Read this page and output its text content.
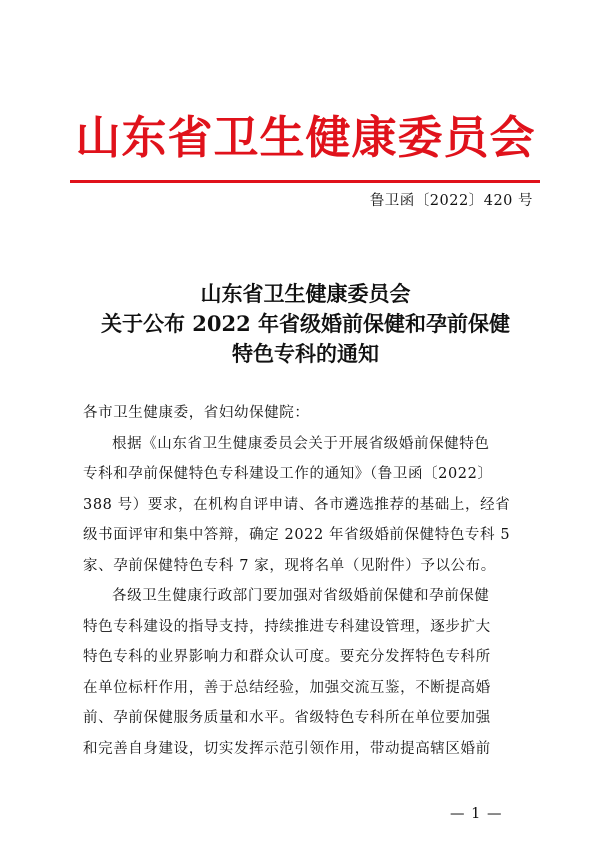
山东省卫生健康委员会
鲁卫函〔2022〕420 号
山东省卫生健康委员会
关于公布 2022 年省级婚前保健和孕前保健
特色专科的通知
各市卫生健康委，省妇幼保健院：
根据《山东省卫生健康委员会关于开展省级婚前保健特色
专科和孕前保健特色专科建设工作的通知》（鲁卫函〔2022〕
388 号）要求，在机构自评申请、各市遴选推荐的基础上，经省
级书面评审和集中答辩，确定 2022 年省级婚前保健特色专科 5
家、孕前保健特色专科 7 家，现将名单（见附件）予以公布。
各级卫生健康行政部门要加强对省级婚前保健和孕前保健
特色专科建设的指导支持，持续推进专科建设管理，逐步扩大
特色专科的业界影响力和群众认可度。要充分发挥特色专科所
在单位标杆作用，善于总结经验，加强交流互鉴，不断提高婚
前、孕前保健服务质量和水平。省级特色专科所在单位要加强
和完善自身建设，切实发挥示范引领作用，带动提高辖区婚前
— 1 —
